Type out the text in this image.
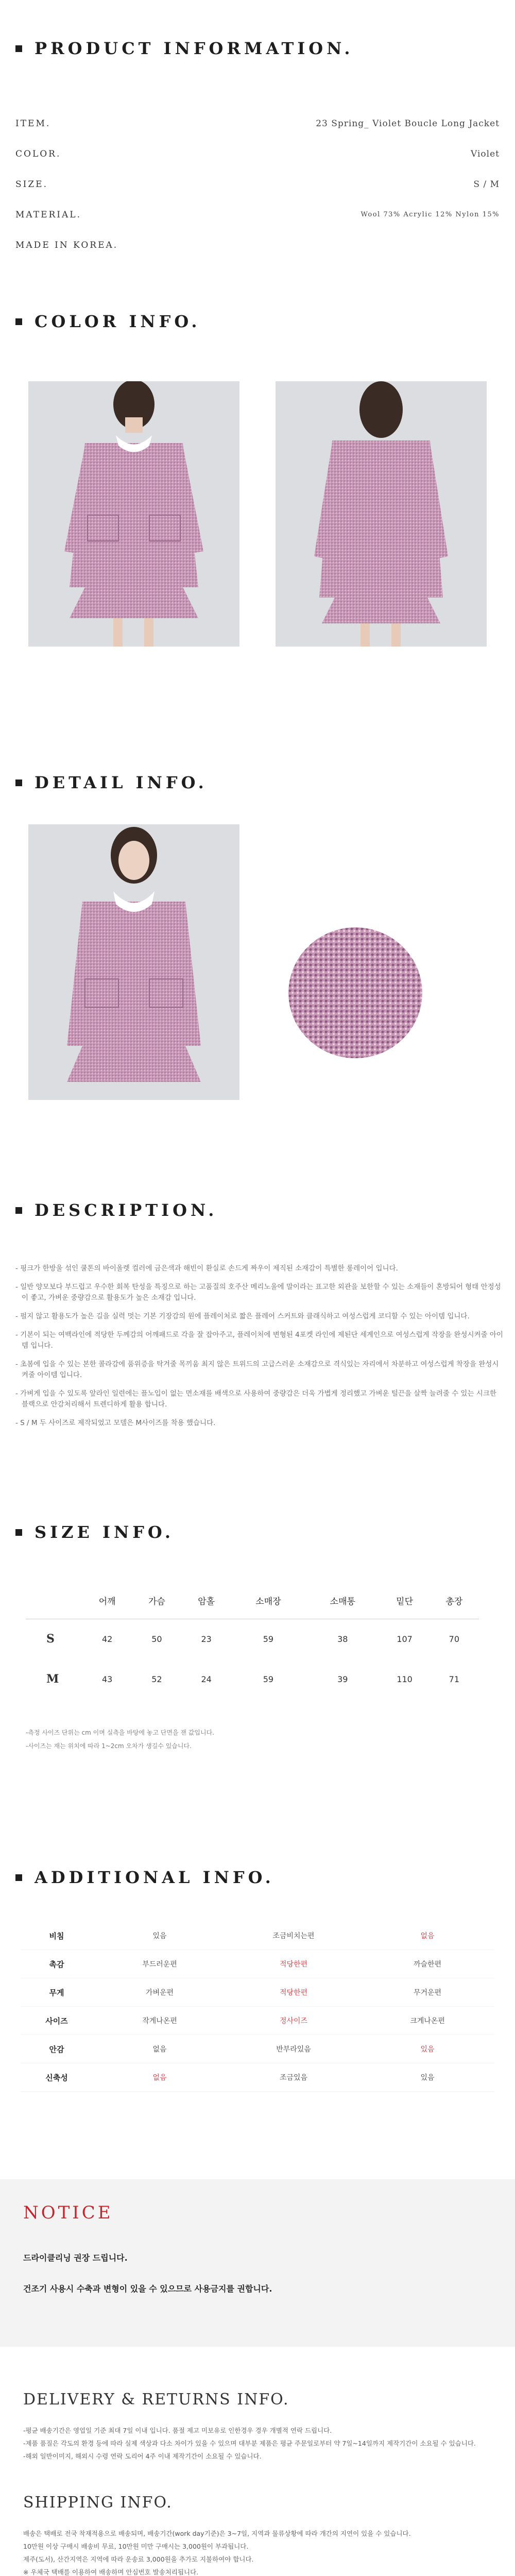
PRODUCT INFORMATION.
ITEM.	23 Spring_ Violet Boucle Long Jacket
COLOR.	Violet
SIZE.	S / M
MATERIAL.	Wool 73% Acrylic 12% Nylon 15%
MADE IN KOREA.
COLOR INFO.
DETAIL INFO.
DESCRIPTION.

- 핑크가 한방울 섞인 쿨톤의 바이올렛 컬러에 금은색과 해빈이 환실로 손드게 짜우이 제직된 소재감이 특별한 롱레이어 입니다.

- 일반 양모보다 부드럽고 우수한 회복 탄성을 특징으로 하는 고품질의 호주산 메리노울에 말이라는 표고한 외관을 보한할 수 있는 소재들이 혼방되어 형태 안정성이 좋고, 가벼운 중량감으로 활용도가 높은 소재감 입니다.

- 펄지 않고 활용도가 높은 길을 실력 멋는 기본 기장감의 원에 플레이처로 짧은 플레어 스커트와 클래식하고 여성스럽게 코디할 수 있는 아이템 입니다.

- 기본이 되는 여백라인에 적당한 두께감의 어깨패드로 각을 잘 잡아주고, 플레이처에 변형된 4포켓 라인에 제된단 세계인으로 여성스럽게 작장을 완성시켜줄 아이템 입니다.

- 초봄에 입을 수 있는 본한 콜라감에 품위증을 탁겨줄 목끼움 최지 않은 트위드의 고급스러운 소재감으로 격식있는 자리에서 차분하고 여성스럽게 착장을 완성시켜줄 아이템 입니다.

- 가벼게 입을 수 있도록 앞라인 일련에는 플노입이 없는 면소재를 배색으로 사용하여 중량감은 더욱 가볍게 정리했고 가벼운 털끈을 살짝 늘려줄 수 있는 시크한 블랙으로 안감처리해서 트렌디하게 활용 합니다.

- S / M 두 사이즈로 제작되었고 모델은 M사이즈를 착용 했습니다.

SIZE INFO.
	어깨	가슴	암홀	소매장	소매통	밑단	총장
S	42	50	23	59	38	107	70
M	43	52	24	59	39	110	71
-측정 사이즈 단위는 cm 이며 실측을 바탕에 놓고 단면을 잰 값입니다.
-사이즈는 재는 위치에 따라 1~2cm 오차가 생길수 있습니다.
ADDITIONAL INFO.
비침	있음	조금비치는편	없음
촉감	부드러운편	적당한편	까슬한편
무게	가벼운편	적당한편	무거운편
사이즈	작게나온편	정사이즈	크게나온편
안감	없음	반부라있음	있음
신축성	없음	조금있음	있음
NOTICE
드라이클리닝 권장 드립니다.
건조기 사용시 수축과 변형이 있을 수 있으므로 사용금지를 권합니다.
DELIVERY & RETURNS INFO.
-평균 배송기간은 영업일 기준 최대 7일 이내 입니다. 품절 제고 미보유로 인한경우 경우 개별적 연락 드립니다.
-제품 품질은 각도의 환경 등에 따라 실제 색상과 다소 차이가 있을 수 있으며 대부분 제품은 평균 주문일로부터 약 7일~14일까지 제작기간이 소요될 수 있습니다.
-해외 일반이미지, 해외시 수령 연락 도리어 4주 이내 제작기간이 소요될 수 있습니다.
SHIPPING INFO.
배송은 택배로 전국 착재적용으로 배송되며, 배송기간(work day기준)은 3~7일, 지역과 물류상황에 따라 개간의 지연이 있을 수 있습니다.
10만원 이상 구매시 배송비 무료, 10만원 미만 구매시는 3,000원이 부과됩니다.
제주(도서), 산간지역은 지역에 따라 운송료 3,000원을 추가로 지불하여야 합니다.
※ 우체국 택배를 이용하여 배송하며 안심번호 발송처리됩니다.
